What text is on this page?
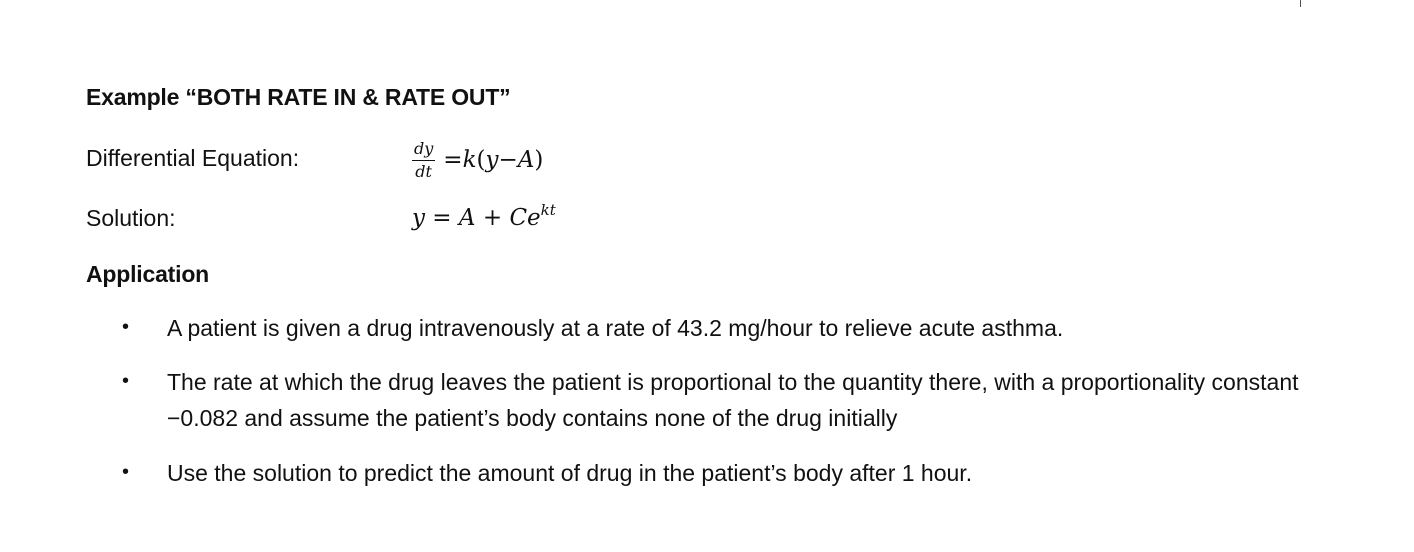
Example “BOTH RATE IN & RATE OUT”
Differential Equation:	$\frac{dy}{dt} = k$ ( y − A )
Solution:	$y = A + Ce^{kt}$
Application
• A patient is given a drug intravenously at a rate of 43.2 mg/hour to relieve acute asthma.
• The rate at which the drug leaves the patient is proportional to the quantity there, with a proportionality constant −0.082 and assume the patient’s body contains none of the drug initially
• Use the solution to predict the amount of drug in the patient’s body after 1 hour.
